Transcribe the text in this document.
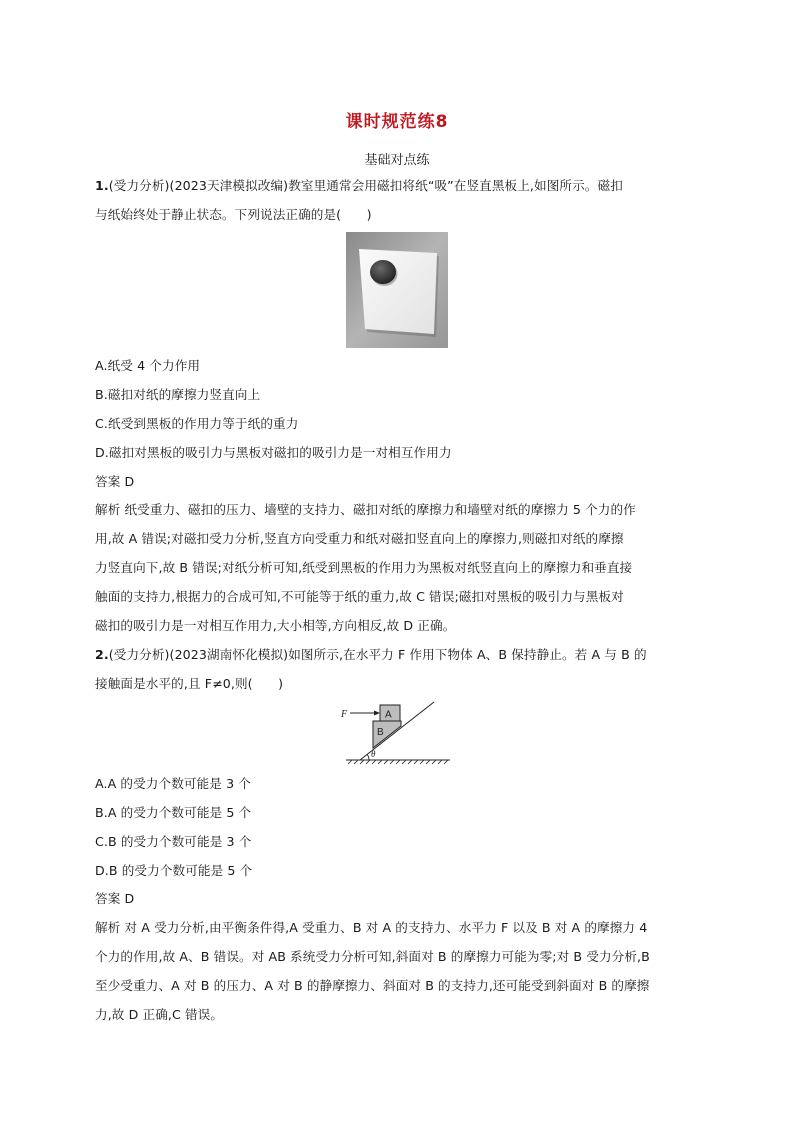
课时规范练8
基础对点练
1.(受力分析)(2023天津模拟改编)教室里通常会用磁扣将纸“吸”在竖直黑板上,如图所示。磁扣
与纸始终处于静止状态。下列说法正确的是(　　)
A.纸受 4 个力作用
B.磁扣对纸的摩擦力竖直向上
C.纸受到黑板的作用力等于纸的重力
D.磁扣对黑板的吸引力与黑板对磁扣的吸引力是一对相互作用力
答案 D
解析 纸受重力、磁扣的压力、墙壁的支持力、磁扣对纸的摩擦力和墙壁对纸的摩擦力 5 个力的作
用,故 A 错误;对磁扣受力分析,竖直方向受重力和纸对磁扣竖直向上的摩擦力,则磁扣对纸的摩擦
力竖直向下,故 B 错误;对纸分析可知,纸受到黑板的作用力为黑板对纸竖直向上的摩擦力和垂直接
触面的支持力,根据力的合成可知,不可能等于纸的重力,故 C 错误;磁扣对黑板的吸引力与黑板对
磁扣的吸引力是一对相互作用力,大小相等,方向相反,故 D 正确。
2.(受力分析)(2023湖南怀化模拟)如图所示,在水平力 F 作用下物体 A、B 保持静止。若 A 与 B 的
接触面是水平的,且 F≠0,则(　　)
F	A
B
θ
A.A 的受力个数可能是 3 个
B.A 的受力个数可能是 5 个
C.B 的受力个数可能是 3 个
D.B 的受力个数可能是 5 个
答案 D
解析 对 A 受力分析,由平衡条件得,A 受重力、B 对 A 的支持力、水平力 F 以及 B 对 A 的摩擦力 4
个力的作用,故 A、B 错误。对 AB 系统受力分析可知,斜面对 B 的摩擦力可能为零;对 B 受力分析,B
至少受重力、A 对 B 的压力、A 对 B 的静摩擦力、斜面对 B 的支持力,还可能受到斜面对 B 的摩擦
力,故 D 正确,C 错误。
